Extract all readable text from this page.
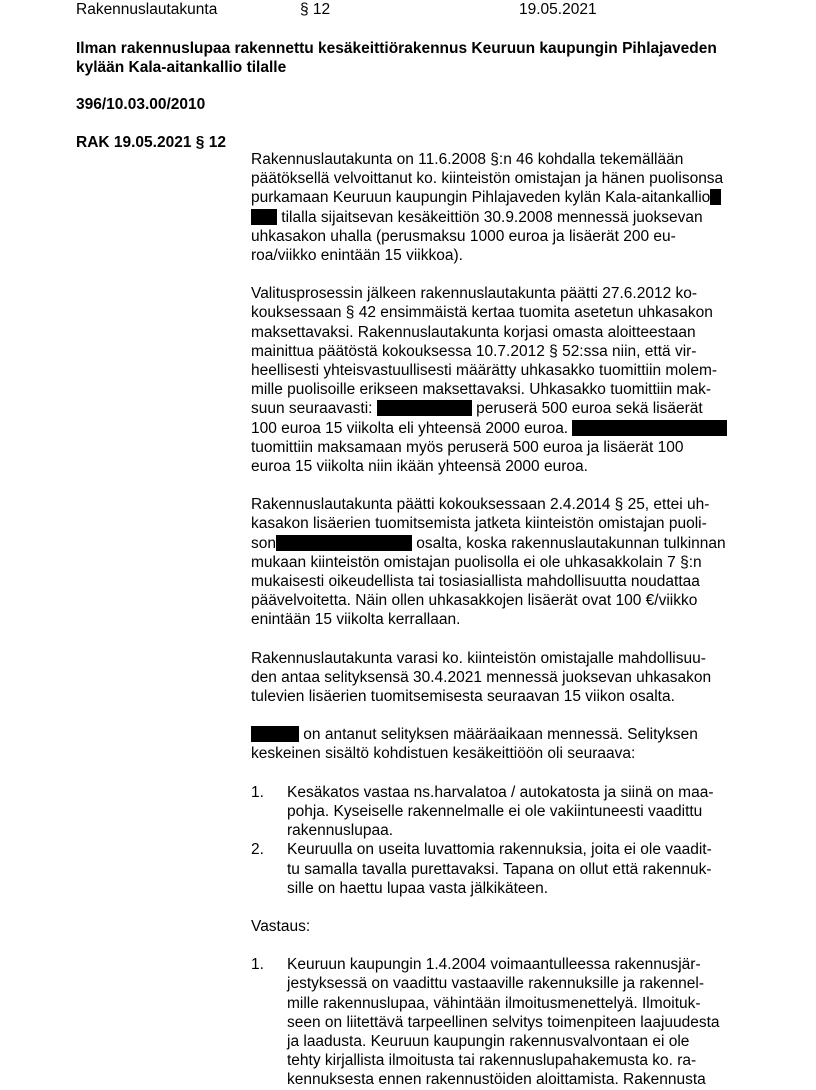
Rakennuslautakunta	§ 12	19.05.2021
Ilman rakennuslupaa rakennettu kesäkeittiörakennus Keuruun kaupungin Pihlajaveden
kylään Kala-aitankallio tilalle
396/10.03.00/2010
RAK 19.05.2021 § 12

Rakennuslautakunta on 11.6.2008 §:n 46 kohdalla tekemällään
päätöksellä velvoittanut ko. kiinteistön omistajan ja hänen puolisonsa
purkamaan Keuruun kaupungin Pihlajaveden kylän Kala-aitankallio
tilalla sijaitsevan kesäkeittiön 30.9.2008 mennessä juoksevan
uhkasakon uhalla (perusmaksu 1000 euroa ja lisäerät 200 eu-
roa/viikko enintään 15 viikkoa).

Valitusprosessin jälkeen rakennuslautakunta päätti 27.6.2012 ko-
kouksessaan § 42 ensimmäistä kertaa tuomita asetetun uhkasakon
maksettavaksi. Rakennuslautakunta korjasi omasta aloitteestaan
mainittua päätöstä kokouksessa 10.7.2012 § 52:ssa niin, että vir-
heellisesti yhteisvastuullisesti määrätty uhkasakko tuomittiin molem-
mille puolisoille erikseen maksettavaksi. Uhkasakko tuomittiin mak-
suun seuraavasti:	peruserä 500 euroa sekä lisäerät
100 euroa 15 viikolta eli yhteensä 2000 euroa.
tuomittiin maksamaan myös peruserä 500 euroa ja lisäerät 100
euroa 15 viikolta niin ikään yhteensä 2000 euroa.

Rakennuslautakunta päätti kokouksessaan 2.4.2014 § 25, ettei uh-
kasakon lisäerien tuomitsemista jatketa kiinteistön omistajan puoli-
son	osalta, koska rakennuslautakunnan tulkinnan
mukaan kiinteistön omistajan puolisolla ei ole uhkasakkolain 7 §:n
mukaisesti oikeudellista tai tosiasiallista mahdollisuutta noudattaa
päävelvoitetta. Näin ollen uhkasakkojen lisäerät ovat 100 €/viikko
enintään 15 viikolta kerrallaan.

Rakennuslautakunta varasi ko. kiinteistön omistajalle mahdollisuu-
den antaa selityksensä 30.4.2021 mennessä juoksevan uhkasakon
tulevien lisäerien tuomitsemisesta seuraavan 15 viikon osalta.

on antanut selityksen määräaikaan mennessä. Selityksen
keskeinen sisältö kohdistuen kesäkeittiöön oli seuraava:

1. Kesäkatos vastaa ns.harvalatoa / autokatosta ja siinä on maa-
pohja. Kyseiselle rakennelmalle ei ole vakiintuneesti vaadittu
rakennuslupaa.
2. Keuruulla on useita luvattomia rakennuksia, joita ei ole vaadit-
tu samalla tavalla purettavaksi. Tapana on ollut että rakennuk-
sille on haettu lupaa vasta jälkikäteen.

Vastaus:

1. Keuruun kaupungin 1.4.2004 voimaantulleessa rakennusjär-
jestyksessä on vaadittu vastaaville rakennuksille ja rakennel-
mille rakennuslupaa, vähintään ilmoitusmenettelyä. Ilmoituk-
seen on liitettävä tarpeellinen selvitys toimenpiteen laajuudesta
ja laadusta. Keuruun kaupungin rakennusvalvontaan ei ole
tehty kirjallista ilmoitusta tai rakennuslupahakemusta ko. ra-
kennuksesta ennen rakennustöiden aloittamista. Rakennusta
